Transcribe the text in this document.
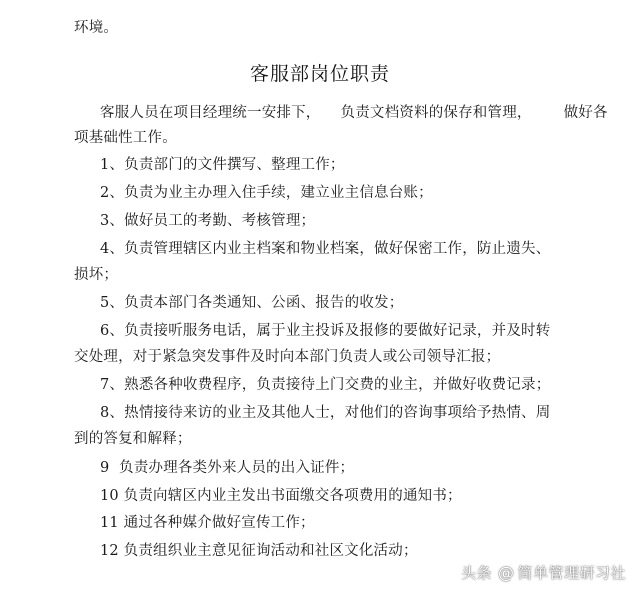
环境。
客服部岗位职责
客服人员在项目经理统一安排下， 负责文档资料的保存和管理， 做好各
项基础性工作。
1、负责部门的文件撰写、整理工作；
2、负责为业主办理入住手续，建立业主信息台账；
3、做好员工的考勤、考核管理；
4、负责管理辖区内业主档案和物业档案，做好保密工作，防止遗失、
损坏；
5、负责本部门各类通知、公函、报告的收发；
6、负责接听服务电话，属于业主投诉及报修的要做好记录，并及时转
交处理，对于紧急突发事件及时向本部门负责人或公司领导汇报；
7、熟悉各种收费程序，负责接待上门交费的业主，并做好收费记录；
8、热情接待来访的业主及其他人士，对他们的咨询事项给予热情、周
到的答复和解释；
9  负责办理各类外来人员的出入证件；
10 负责向辖区内业主发出书面缴交各项费用的通知书；
11 通过各种媒介做好宣传工作；
12 负责组织业主意见征询活动和社区文化活动；
头条 @ 简单管理研习社
